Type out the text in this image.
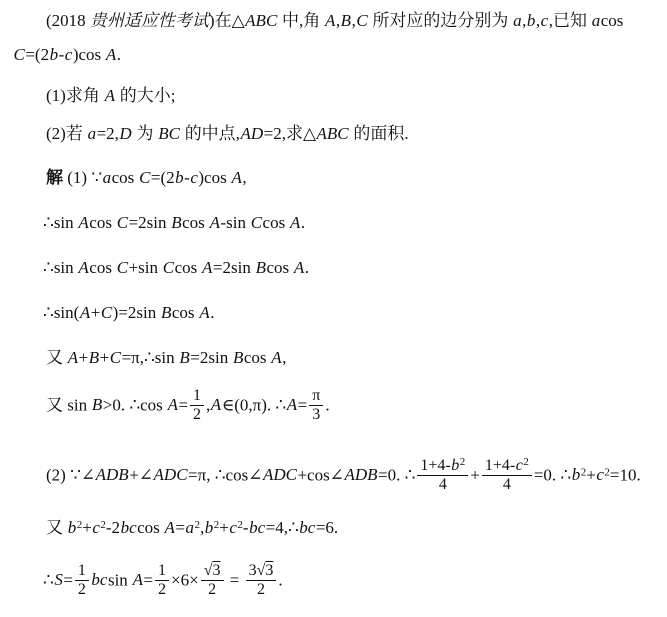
(2018 贵州适应性考试)在△ABC 中,角 A,B,C 所对应的边分别为 a,b,c,已知 acos
C=(2b-c)cos A.
(1)求角 A 的大小;
(2)若 a=2,D 为 BC 的中点,AD=2,求△ABC 的面积.
解 (1) ∵acos C=(2b-c)cos A,
∴sin Acos C=2sin Bcos A-sin Ccos A.
∴sin Acos C+sin Ccos A=2sin Bcos A.
∴sin(A+C)=2sin Bcos A.
又 A+B+C=π,∴sin B=2sin Bcos A,
又 sin B>0. ∴cos $A= \frac{1}{2}$ ,A∈(0,π). ∴A= $\frac{\pi}{3}$ .
(2) ∵∠ADB+∠ADC=π, ∴cos∠ADC+cos∠ADB=0. ∴ $\frac{1+4-b^2}{4} + \frac{1+4-c^2}{4} =0$. $\therefore b^2+c^2=10$.
又 $b^2+c^2-2bccos$ $A=a^2,b^2+c^2-bc=4,\therefore bc=6$.
∴S= $\frac{1}{2}$ bcsin $A= \frac{1}{2} \times 6\times \frac{√3}{2} = \frac{3√3}{2}$ .
